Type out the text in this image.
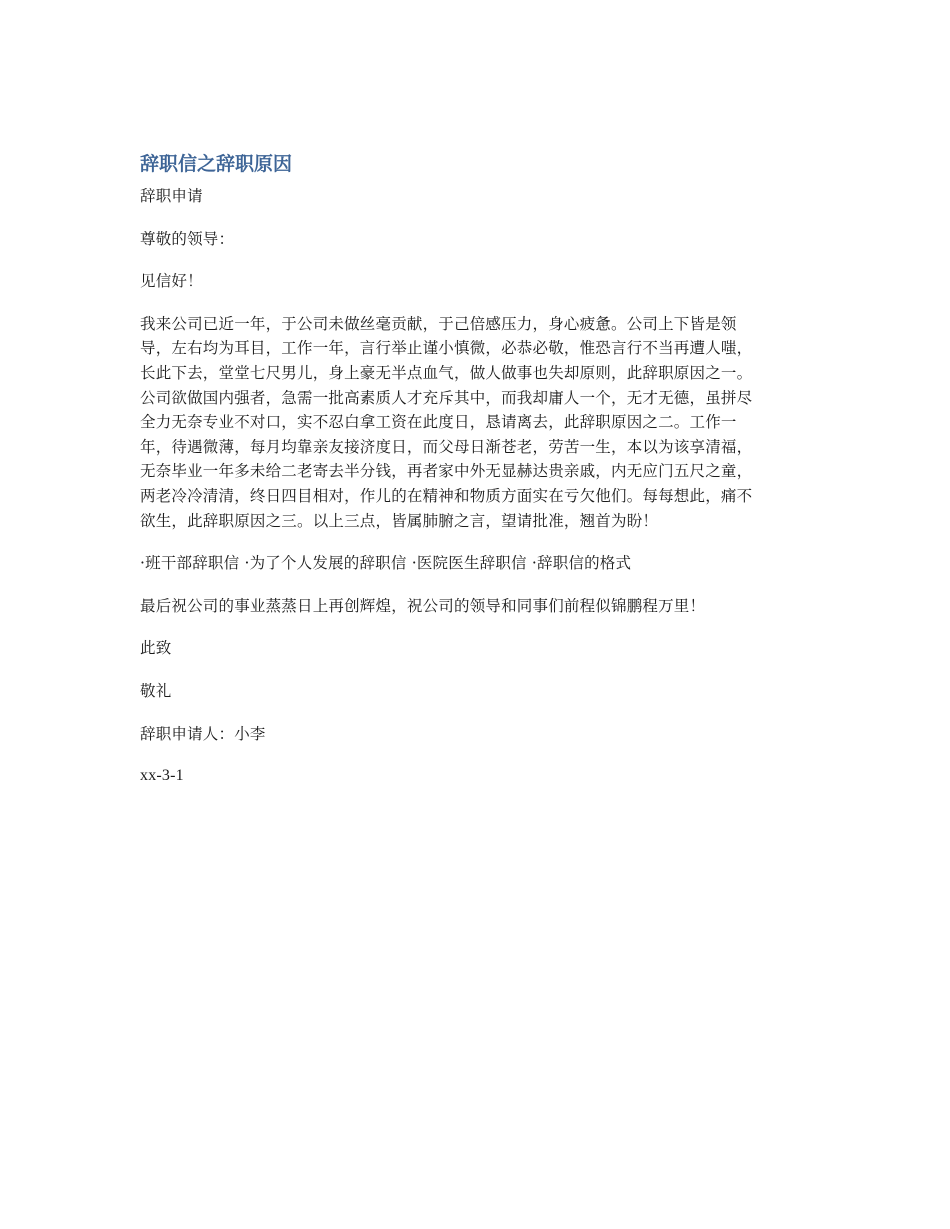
辞职信之辞职原因

辞职申请

尊敬的领导：

见信好！

我来公司已近一年，于公司未做丝毫贡献，于己倍感压力，身心疲惫。公司上下皆是领
导，左右均为耳目，工作一年，言行举止谨小慎微，必恭必敬，惟恐言行不当再遭人嗤，
长此下去，堂堂七尺男儿，身上豪无半点血气，做人做事也失却原则，此辞职原因之一。
公司欲做国内强者，急需一批高素质人才充斥其中，而我却庸人一个，无才无德，虽拼尽
全力无奈专业不对口，实不忍白拿工资在此度日，恳请离去，此辞职原因之二。工作一
年，待遇微薄，每月均靠亲友接济度日，而父母日渐苍老，劳苦一生，本以为该享清福，
无奈毕业一年多未给二老寄去半分钱，再者家中外无显赫达贵亲戚，内无应门五尺之童，
两老冷冷清清，终日四目相对，作儿的在精神和物质方面实在亏欠他们。每每想此，痛不
欲生，此辞职原因之三。以上三点，皆属肺腑之言，望请批准，翘首为盼！

·班干部辞职信 ·为了个人发展的辞职信 ·医院医生辞职信 ·辞职信的格式

最后祝公司的事业蒸蒸日上再创辉煌，祝公司的领导和同事们前程似锦鹏程万里！

此致

敬礼

辞职申请人：小李

xx-3-1
